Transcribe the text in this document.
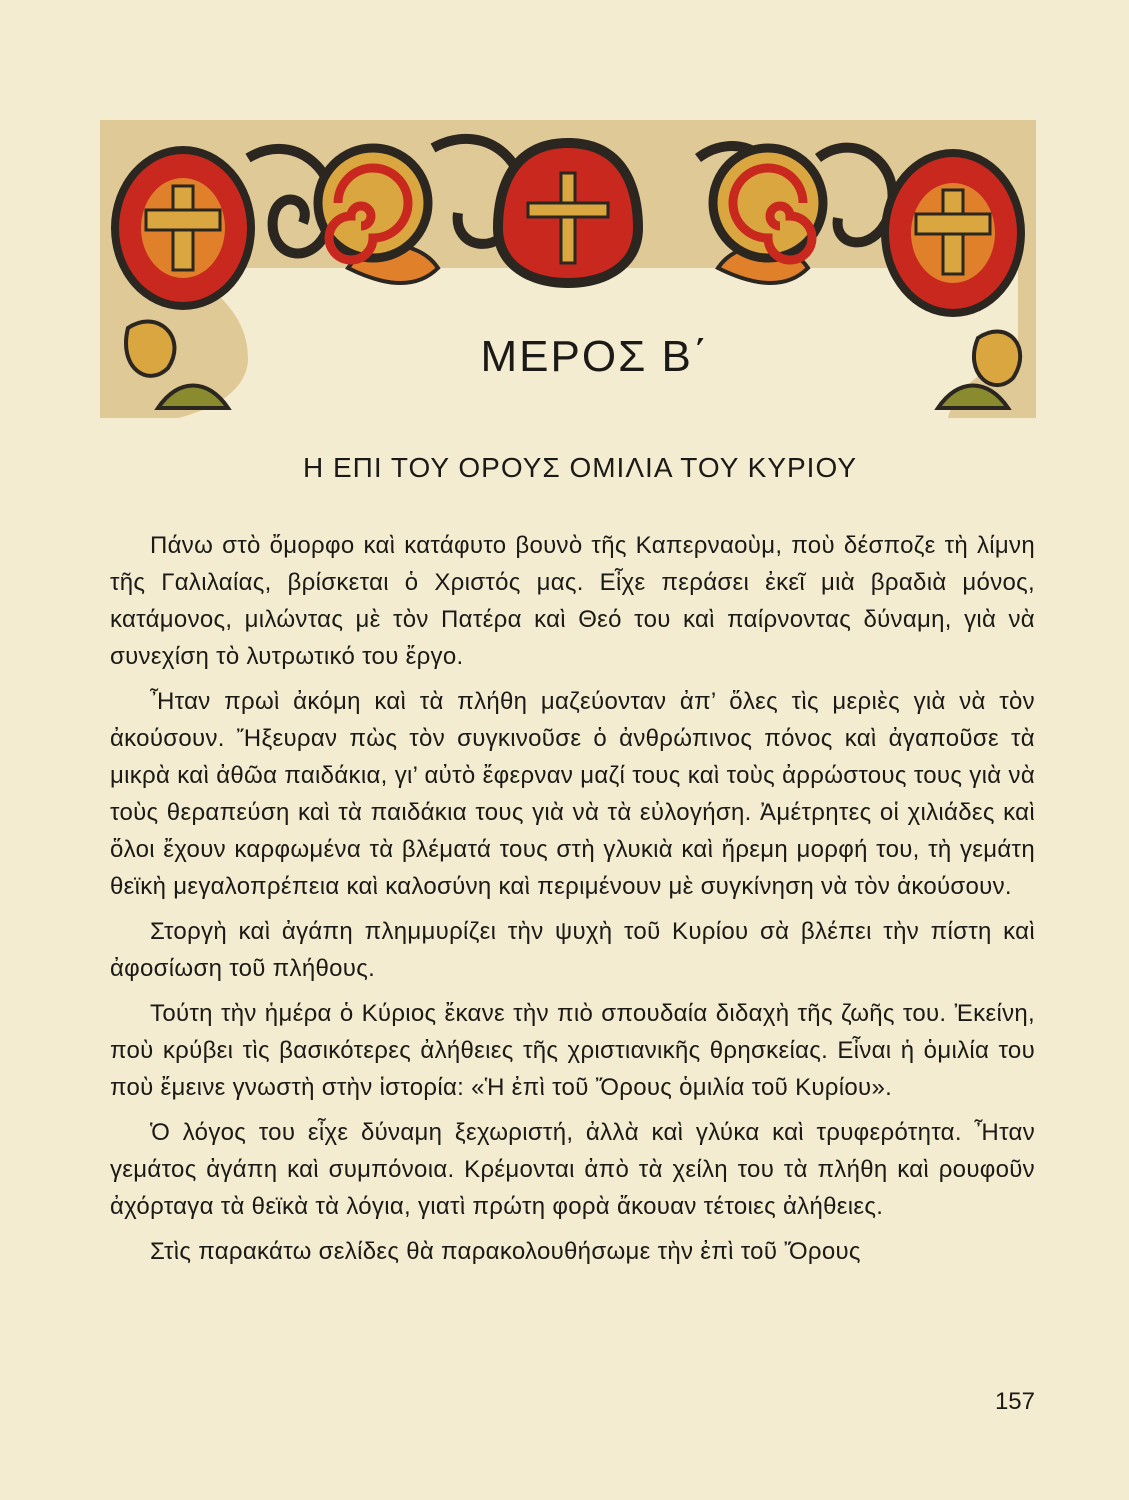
ΜΕΡΟΣ Β΄
Η ΕΠΙ ΤΟΥ ΟΡΟΥΣ ΟΜΙΛΙΑ ΤΟΥ ΚΥΡΙΟΥ

Πάνω στὸ ὄμορφο καὶ κατάφυτο βουνὸ τῆς Καπερναοὺμ, ποὺ δέσποζε τὴ λίμνη τῆς Γαλιλαίας, βρίσκεται ὁ Χριστός μας. Εἶχε περάσει ἐκεῖ μιὰ βραδιὰ μόνος, κατάμονος, μιλώντας μὲ τὸν Πατέρα καὶ Θεό του καὶ παίρνοντας δύναμη, γιὰ νὰ συνεχίση τὸ λυτρωτικό του ἔργο.

Ἦταν πρωὶ ἀκόμη καὶ τὰ πλήθη μαζεύονταν ἀπ’ ὅλες τὶς μεριὲς γιὰ νὰ τὸν ἀκούσουν. Ἤξευραν πὼς τὸν συγκινοῦσε ὁ ἀνθρώπινος πόνος καὶ ἀγαποῦσε τὰ μικρὰ καὶ ἀθῶα παιδάκια, γι’ αὐτὸ ἔφερναν μαζί τους καὶ τοὺς ἀρρώστους τους γιὰ νὰ τοὺς θεραπεύση καὶ τὰ παιδάκια τους γιὰ νὰ τὰ εὐλογήση. Ἀμέτρητες οἱ χιλιάδες καὶ ὅλοι ἔχουν καρφωμένα τὰ βλέματά τους στὴ γλυκιὰ καὶ ἤρεμη μορφή του, τὴ γεμάτη θεϊκὴ μεγαλοπρέπεια καὶ καλοσύνη καὶ περιμένουν μὲ συγκίνηση νὰ τὸν ἀκούσουν.

Στοργὴ καὶ ἀγάπη πλημμυρίζει τὴν ψυχὴ τοῦ Κυρίου σὰ βλέπει τὴν πίστη καὶ ἀφοσίωση τοῦ πλήθους.

Τούτη τὴν ἡμέρα ὁ Κύριος ἔκανε τὴν πιὸ σπουδαία διδαχὴ τῆς ζωῆς του. Ἐκείνη, ποὺ κρύβει τὶς βασικότερες ἀλήθειες τῆς χριστιανικῆς θρησκείας. Εἶναι ἡ ὁμιλία του ποὺ ἔμεινε γνωστὴ στὴν ἱστορία: «Ἡ ἐπὶ τοῦ Ὄρους ὁμιλία τοῦ Κυρίου».

Ὁ λόγος του εἶχε δύναμη ξεχωριστή, ἀλλὰ καὶ γλύκα καὶ τρυφερότητα. Ἦταν γεμάτος ἀγάπη καὶ συμπόνοια. Κρέμονται ἀπὸ τὰ χείλη του τὰ πλήθη καὶ ρουφοῦν ἀχόρταγα τὰ θεϊκὰ τὰ λόγια, γιατὶ πρώτη φορὰ ἄκουαν τέτοιες ἀλήθειες.

Στὶς παρακάτω σελίδες θὰ παρακολουθήσωμε τὴν ἐπὶ τοῦ Ὄρους

157
